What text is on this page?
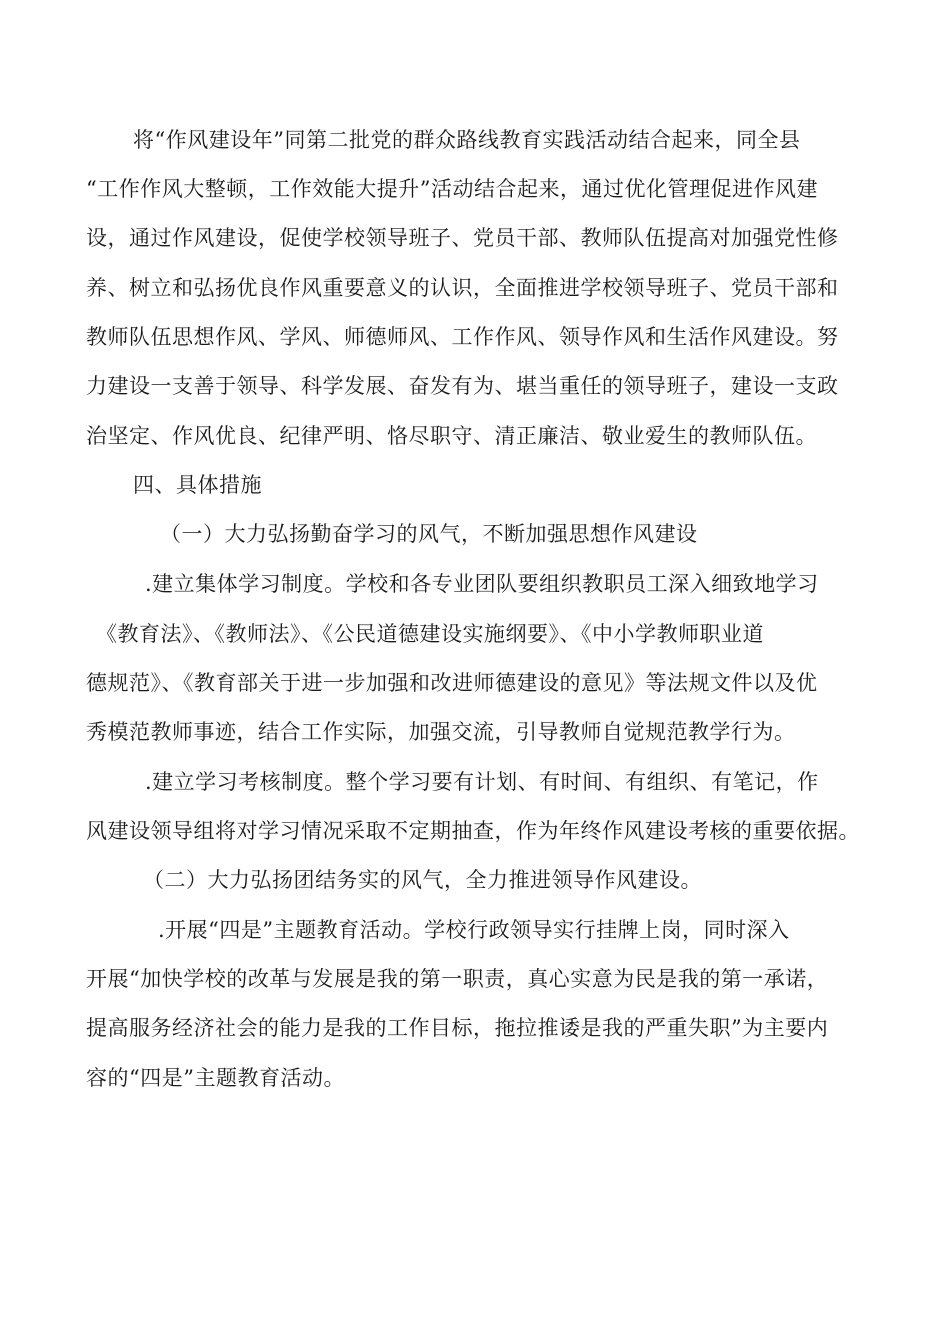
将“作风建设年”同第二批党的群众路线教育实践活动结合起来，同全县
“工作作风大整顿，工作效能大提升”活动结合起来，通过优化管理促进作风建
设，通过作风建设，促使学校领导班子、党员干部、教师队伍提高对加强党性修
养、树立和弘扬优良作风重要意义的认识，全面推进学校领导班子、党员干部和
教师队伍思想作风、学风、师德师风、工作作风、领导作风和生活作风建设。努
力建设一支善于领导、科学发展、奋发有为、堪当重任的领导班子，建设一支政
治坚定、作风优良、纪律严明、恪尽职守、清正廉洁、敬业爱生的教师队伍。
四、具体措施
（一）大力弘扬勤奋学习的风气，不断加强思想作风建设
.建立集体学习制度。学校和各专业团队要组织教职员工深入细致地学习
《教育法》、《教师法》、《公民道德建设实施纲要》、《中小学教师职业道
德规范》、《教育部关于进一步加强和改进师德建设的意见》等法规文件以及优
秀模范教师事迹，结合工作实际，加强交流，引导教师自觉规范教学行为。
.建立学习考核制度。整个学习要有计划、有时间、有组织、有笔记，作
风建设领导组将对学习情况采取不定期抽查，作为年终作风建设考核的重要依据。
（二）大力弘扬团结务实的风气，全力推进领导作风建设。
.开展“四是”主题教育活动。学校行政领导实行挂牌上岗，同时深入
开展“加快学校的改革与发展是我的第一职责，真心实意为民是我的第一承诺，
提高服务经济社会的能力是我的工作目标，拖拉推诿是我的严重失职”为主要内
容的“四是”主题教育活动。
